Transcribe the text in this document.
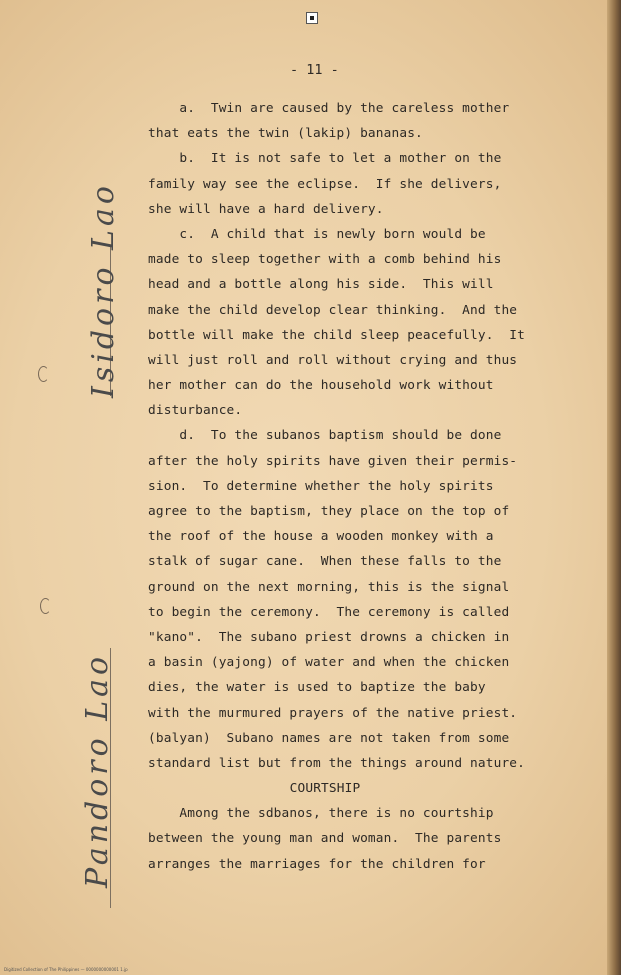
Isidoro Lao
Pandoro Lao
- 11 -
a.  Twin are caused by the careless mother
that eats the twin (lakip) bananas.
b.  It is not safe to let a mother on the
family way see the eclipse.  If she delivers,
she will have a hard delivery.
c.  A child that is newly born would be
made to sleep together with a comb behind his
head and a bottle along his side.  This will
make the child develop clear thinking.  And the
bottle will make the child sleep peacefully.  It
will just roll and roll without crying and thus
her mother can do the household work without
disturbance.
d.  To the subanos baptism should be done
after the holy spirits have given their permis-
sion.  To determine whether the holy spirits
agree to the baptism, they place on the top of
the roof of the house a wooden monkey with a
stalk of sugar cane.  When these falls to the
ground on the next morning, this is the signal
to begin the ceremony.  The ceremony is called
"kano".  The subano priest drowns a chicken in
a basin (yajong) of water and when the chicken
dies, the water is used to baptize the baby
with the murmured prayers of the native priest.
(balyan)  Subano names are not taken from some
standard list but from the things around nature.
COURTSHIP
Among the sdbanos, there is no courtship
between the young man and woman.  The parents
arranges the marriages for the children for
Digitized Collection of The Philippines — 0000000000001 1.jp
